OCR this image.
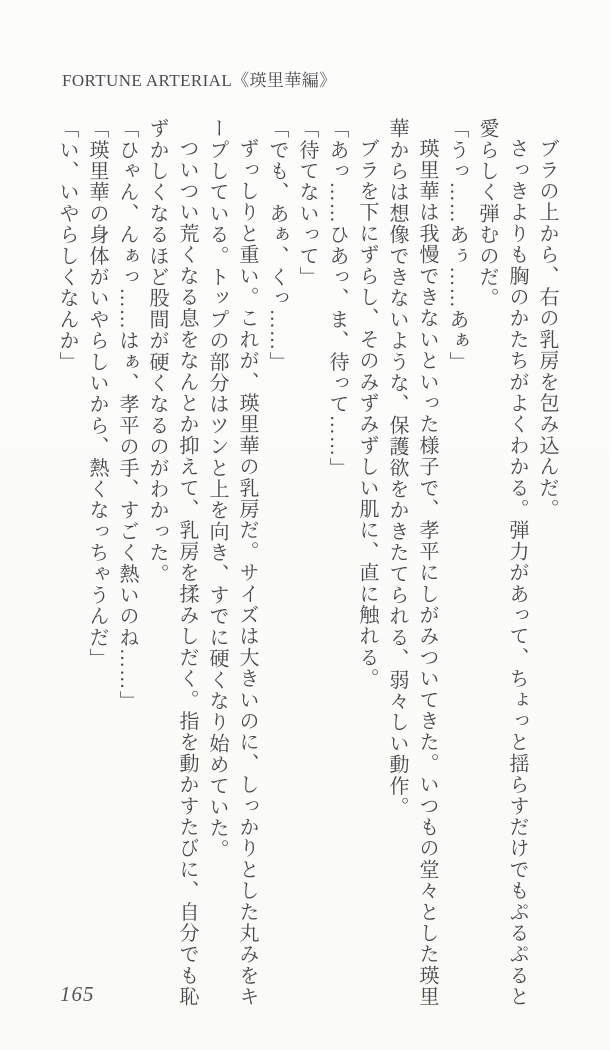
FORTUNE ARTERIAL《瑛里華編》

ブラの上から、右の乳房を包み込んだ。

さっきよりも胸のかたちがよくわかる。弾力があって、ちょっと揺らすだけでもぷるぷると愛らしく弾むのだ。

「うっ……あぅ……あぁ」

瑛里華は我慢できないといった様子で、孝平にしがみついてきた。いつもの堂々とした瑛里華からは想像できないような、保護欲をかきたてられる、弱々しい動作。

ブラを下にずらし、そのみずみずしい肌に、直に触れる。

「あっ……ひあっ、ま、待って……」

「待てないって」

「でも、あぁ、くっ……」

ずっしりと重い。これが、瑛里華の乳房だ。サイズは大きいのに、しっかりとした丸みをキープしている。トップの部分はツンと上を向き、すでに硬くなり始めていた。

ついつい荒くなる息をなんとか抑えて、乳房を揉みしだく。指を動かすたびに、自分でも恥ずかしくなるほど股間が硬くなるのがわかった。

「ひゃん、んぁっ……はぁ、孝平の手、すごく熱いのね……」

「瑛里華の身体がいやらしいから、熱くなっちゃうんだ」

「い、いやらしくなんか」

165
